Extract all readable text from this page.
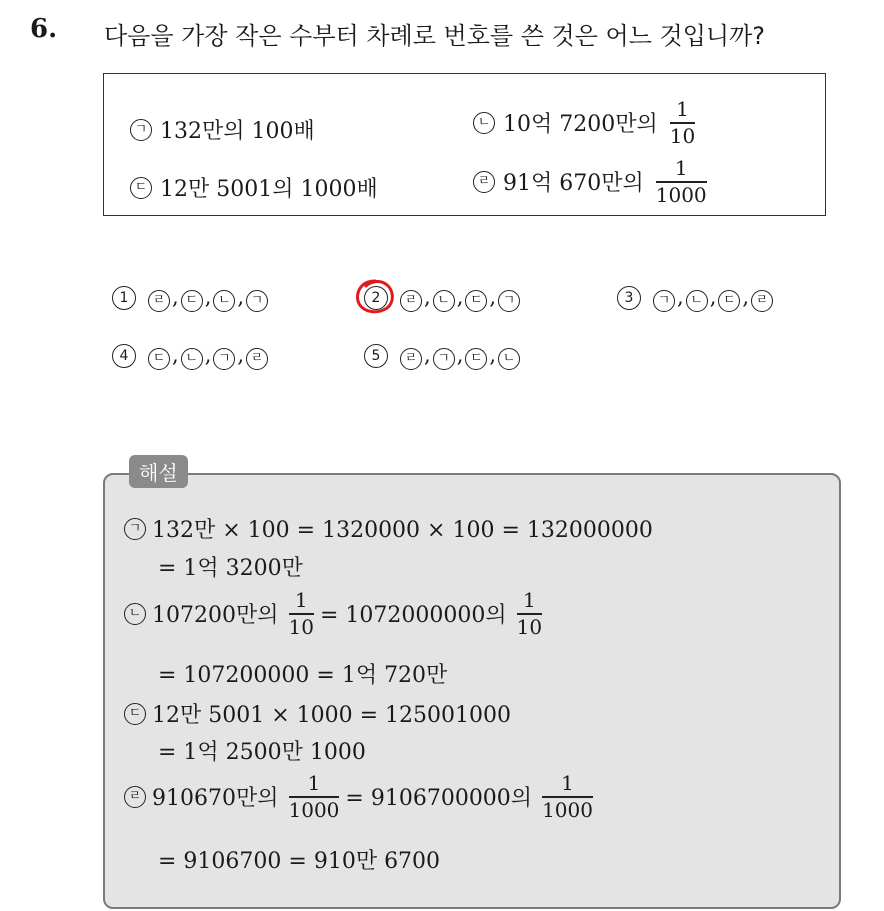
6. 다음을 가장 작은 수부터 차례로 번호를 쓴 것은 어느 것입니까?
ㄱ 132만의 100배	ㄴ 10억 7200만의 $\frac{1}{10}$
ㄷ 12만 5001의 1000배	ㄹ 91억 670만의 $\frac{1}{1000}$
1	ㄹ , ㄷ , ㄴ , ㄱ	2	ㄹ , ㄴ , ㄷ , ㄱ	3	ㄱ , ㄴ , ㄷ , ㄹ
4	ㄷ , ㄴ , ㄱ , ㄹ	5	ㄹ , ㄱ , ㄷ , ㄴ
해설
ㄱ 132만 × 100 = 1320000 × 100 = 132000000
= 1억 3200만
ㄴ 107200만의 $\frac{1}{10} = 1072000000$의 $\frac{1}{10}$
= 107200000 = 1억 720만
ㄷ 12만 5001 × 1000 = 125001000
= 1억 2500만 1000
ㄹ 910670만의 $\frac{1}{1000} = 9106700000$의 $\frac{1}{1000}$
= 9106700 = 910만 6700
